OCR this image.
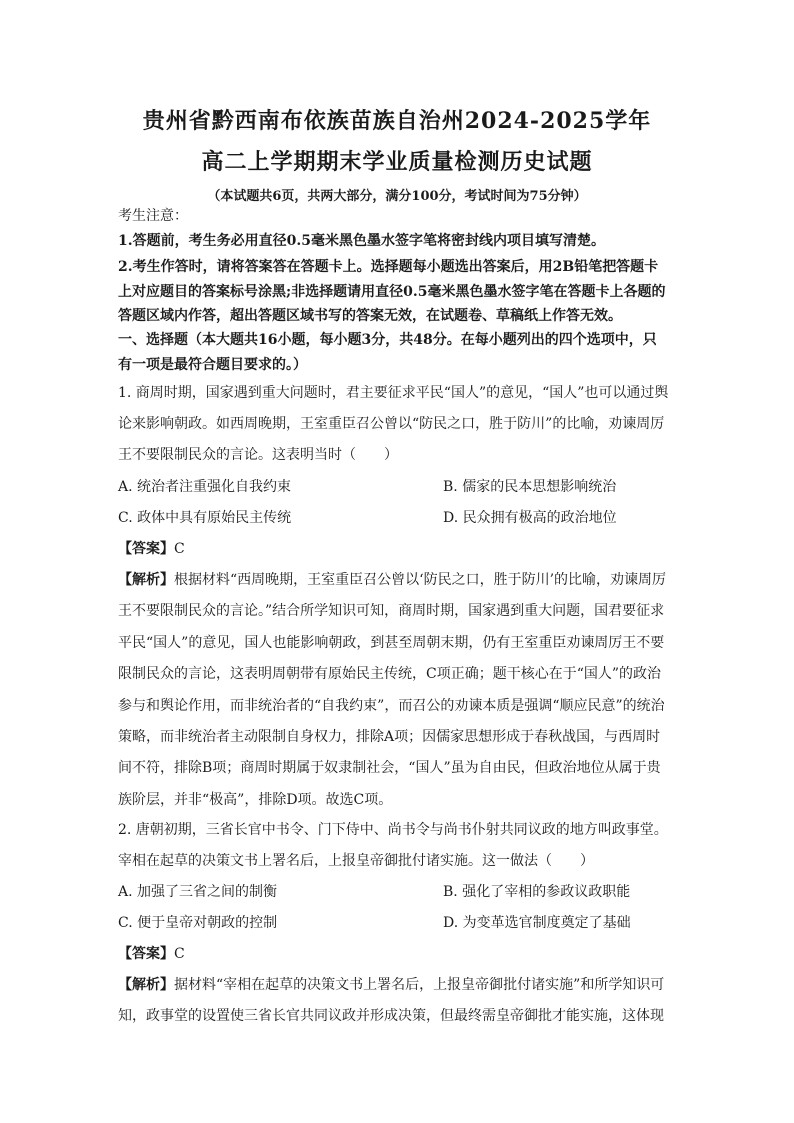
贵州省黔西南布依族苗族自治州2024-2025学年
高二上学期期末学业质量检测历史试题
（本试题共6页，共两大部分，满分100分，考试时间为75分钟）
考生注意：
1.答题前，考生务必用直径0.5毫米黑色墨水签字笔将密封线内项目填写清楚。
2.考生作答时，请将答案答在答题卡上。选择题每小题选出答案后，用2B铅笔把答题卡
上对应题目的答案标号涂黑;非选择题请用直径0.5毫米黑色墨水签字笔在答题卡上各题的
答题区域内作答，超出答题区域书写的答案无效，在试题卷、草稿纸上作答无效。
一、选择题（本大题共16小题，每小题3分，共48分。在每小题列出的四个选项中，只
有一项是最符合题目要求的。）
1. 商周时期，国家遇到重大问题时，君主要征求平民“国人”的意见，“国人”也可以通过舆
论来影响朝政。如西周晚期，王室重臣召公曾以“防民之口，胜于防川”的比喻，劝谏周厉
王不要限制民众的言论。这表明当时（　　）
A. 统治者注重强化自我约束	B. 儒家的民本思想影响统治
C. 政体中具有原始民主传统	D. 民众拥有极高的政治地位
【答案】C
【解析】根据材料“西周晚期，王室重臣召公曾以‘防民之口，胜于防川’的比喻，劝谏周厉
王不要限制民众的言论。”结合所学知识可知，商周时期，国家遇到重大问题，国君要征求
平民“国人”的意见，国人也能影响朝政，到甚至周朝末期，仍有王室重臣劝谏周厉王不要
限制民众的言论，这表明周朝带有原始民主传统，C项正确；题干核心在于“国人”的政治
参与和舆论作用，而非统治者的“自我约束”，而召公的劝谏本质是强调“顺应民意”的统治
策略，而非统治者主动限制自身权力，排除A项；因儒家思想形成于春秋战国，与西周时
间不符，排除B项；商周时期属于奴隶制社会，“国人”虽为自由民，但政治地位从属于贵
族阶层，并非“极高”，排除D项。故选C项。
2. 唐朝初期，三省长官中书令、门下侍中、尚书令与尚书仆射共同议政的地方叫政事堂。
宰相在起草的决策文书上署名后，上报皇帝御批付诸实施。这一做法（　　）
A. 加强了三省之间的制衡	B. 强化了宰相的参政议政职能
C. 便于皇帝对朝政的控制	D. 为变革选官制度奠定了基础
【答案】C
【解析】据材料“宰相在起草的决策文书上署名后，上报皇帝御批付诸实施”和所学知识可
知，政事堂的设置使三省长官共同议政并形成决策，但最终需皇帝御批才能实施，这体现
